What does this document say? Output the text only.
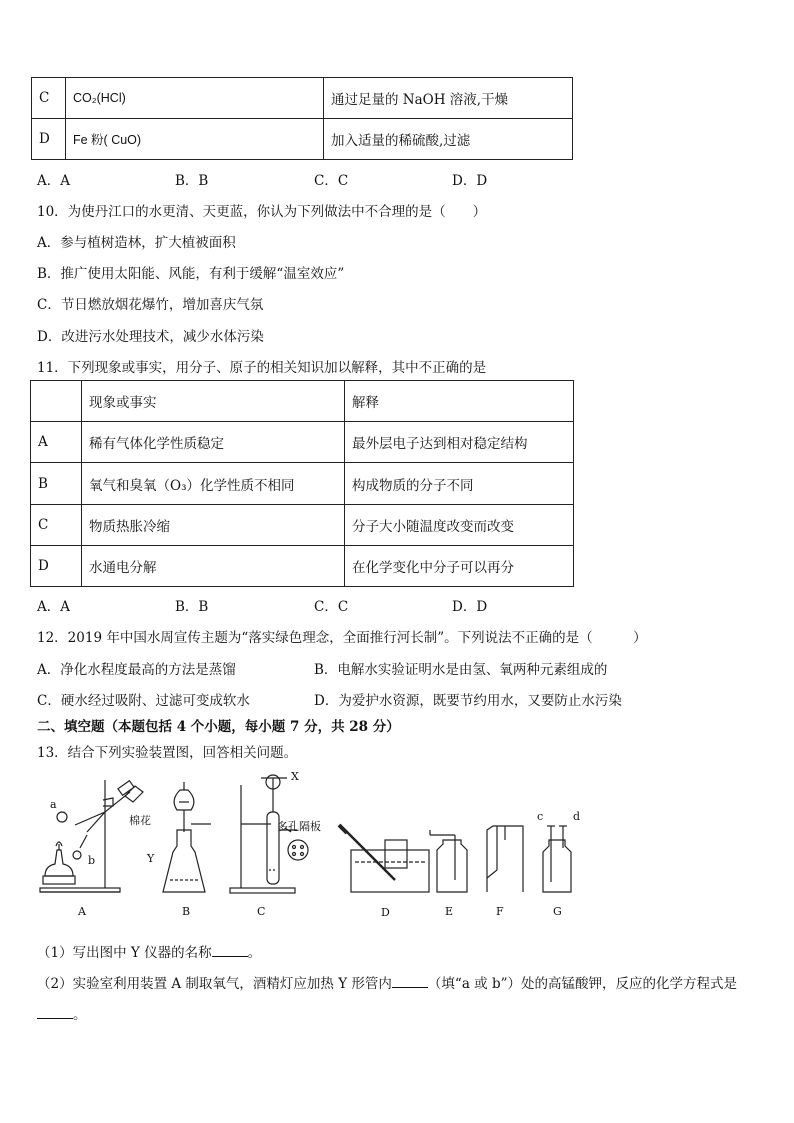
C	CO₂(HCl)	通过足量的 NaOH 溶液,干燥
D	Fe 粉( CuO)	加入适量的稀硫酸,过滤
A．A	B．B	C．C	D．D
10．为使丹江口的水更清、天更蓝，你认为下列做法中不合理的是（　　）
A．参与植树造林，扩大植被面积
B．推广使用太阳能、风能，有利于缓解“温室效应”
C．节日燃放烟花爆竹，增加喜庆气氛
D．改进污水处理技术，减少水体污染
11．下列现象或事实，用分子、原子的相关知识加以解释，其中不正确的是
	现象或事实	解释
A	稀有气体化学性质稳定	最外层电子达到相对稳定结构
B	氧气和臭氧（O₃）化学性质不相同	构成物质的分子不同
C	物质热胀冷缩	分子大小随温度改变而改变
D	水通电分解	在化学变化中分子可以再分
A．A	B．B	C．C	D．D
12．2019 年中国水周宣传主题为“落实绿色理念，全面推行河长制”。下列说法不正确的是（　　　）
A．净化水程度最高的方法是蒸馏	B．电解水实验证明水是由氢、氧两种元素组成的
C．硬水经过吸附、过滤可变成软水	D．为爱护水资源，既要节约用水，又要防止水污染
二、填空题（本题包括 4 个小题，每小题 7 分，共 28 分）
13．结合下列实验装置图，回答相关问题。
a
b
棉花
Y
X
多孔隔板
c	d
A	B	C	D	E	F	G
（1）写出图中 Y 仪器的名称	。
（2）实验室利用装置 A 制取氧气，酒精灯应加热 Y 形管内	（填“a 或 b”）处的高锰酸钾，反应的化学方程式是
。
